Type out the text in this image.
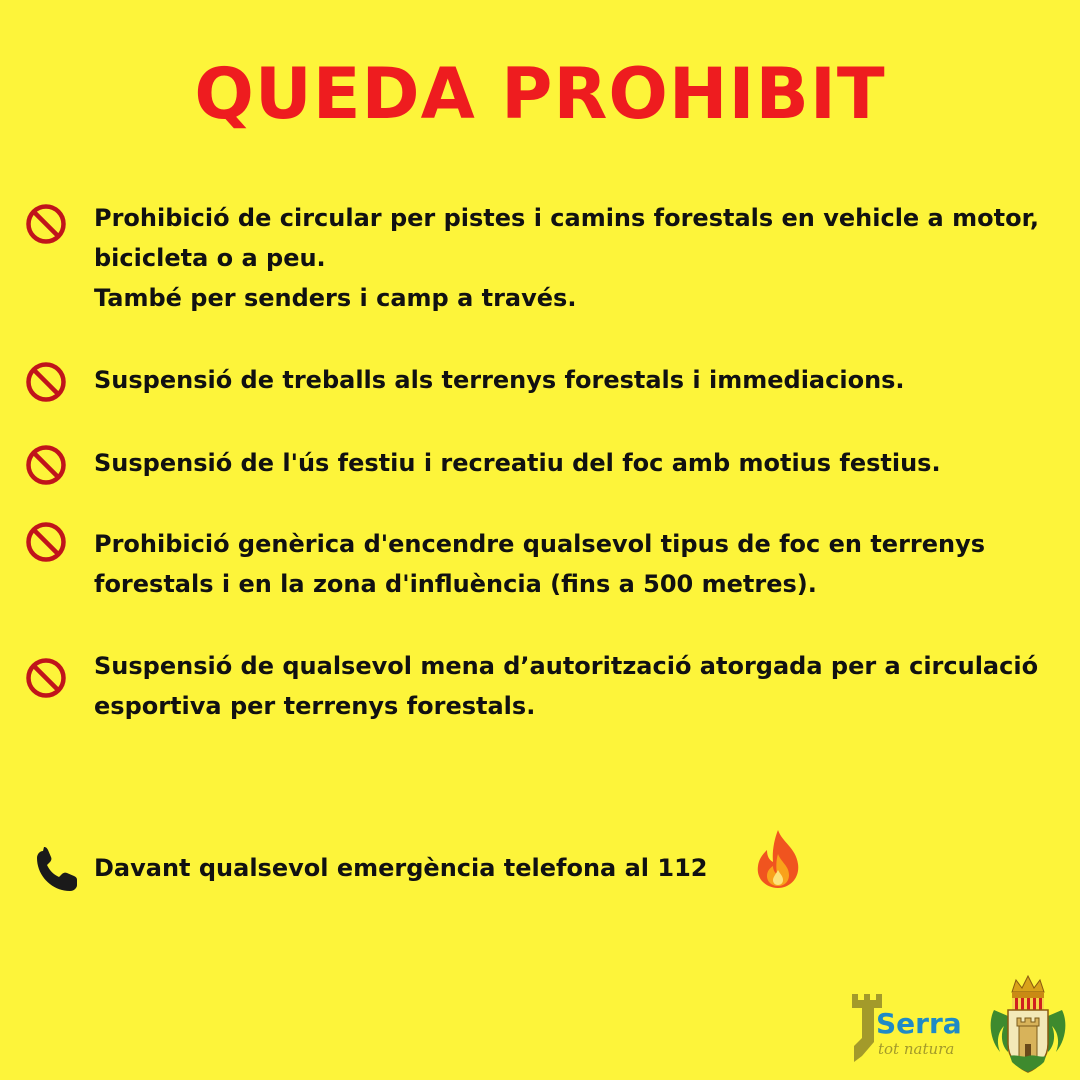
QUEDA PROHIBIT

Prohibició de circular per pistes i camins forestals en vehicle a motor, bicicleta o a peu.
També per senders i camp a través.

Suspensió de treballs als terrenys forestals i immediacions.

Suspensió de l'ús festiu i recreatiu del foc amb motius festius.

Prohibició genèrica d'encendre qualsevol tipus de foc en terrenys forestals i en la zona d'influència (fins a 500 metres).

Suspensió de qualsevol mena d’autorització atorgada per a circulació esportiva per terrenys forestals.

Davant qualsevol emergència telefona al 112
Serra
tot natura
